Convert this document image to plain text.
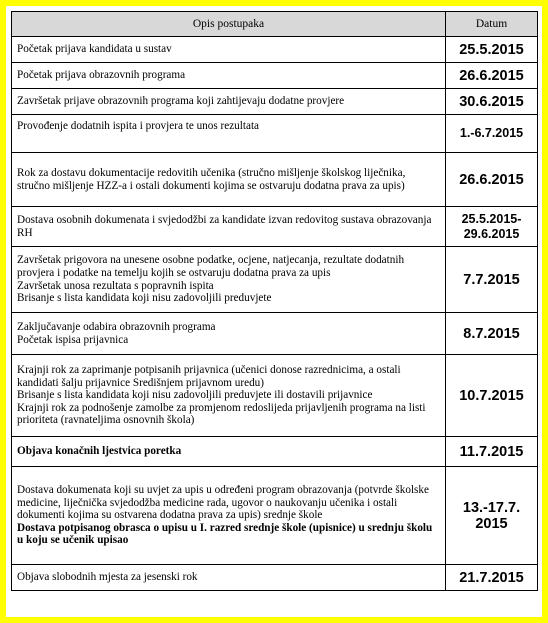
Opis postupaka	Datum

Početak prijava kandidata u sustav	25.5.2015

Početak prijava obrazovnih programa	26.6.2015

Završetak prijave obrazovnih programa koji zahtijevaju dodatne provjere	30.6.2015

Provođenje dodatnih ispita i provjera te unos rezultata	1.-6.7.2015

Rok za dostavu dokumentacije redovitih učenika (stručno mišljenje školskog liječnika, stručno mišljenje HZZ-a i ostali dokumenti kojima se ostvaruju dodatna prava za upis)	26.6.2015

Dostava osobnih dokumenata i svjedodžbi za kandidate izvan redovitog sustava obrazovanja RH	25.5.2015-29.6.2015

Završetak prigovora na unesene osobne podatke, ocjene, natjecanja, rezultate dodatnih provjera i podatke na temelju kojih se ostvaruju dodatna prava za upis
Završetak unosa rezultata s popravnih ispita
Brisanje s lista kandidata koji nisu zadovoljili preduvjete	7.7.2015

Zaključavanje odabira obrazovnih programa
Početak ispisa prijavnica	8.7.2015

Krajnji rok za zaprimanje potpisanih prijavnica (učenici donose razrednicima, a ostali kandidati šalju prijavnice Središnjem prijavnom uredu)
Brisanje s lista kandidata koji nisu zadovoljili preduvjete ili dostavili prijavnice
Krajnji rok za podnošenje zamolbe za promjenom redoslijeda prijavljenih programa na listi prioriteta (ravnateljima osnovnih škola)	10.7.2015

Objava konačnih ljestvica poretka	11.7.2015

Dostava dokumenata koji su uvjet za upis u određeni program obrazovanja (potvrde školske medicine, liječnička svjedodžba medicine rada, ugovor o naukovanju učenika i ostali dokumenti kojima su ostvarena dodatna prava za upis) srednje škole
Dostava potpisanog obrasca o upisu u I. razred srednje škole (upisnice) u srednju školu u koju se učenik upisao	13.-17.7. 2015

Objava slobodnih mjesta za jesenski rok	21.7.2015
